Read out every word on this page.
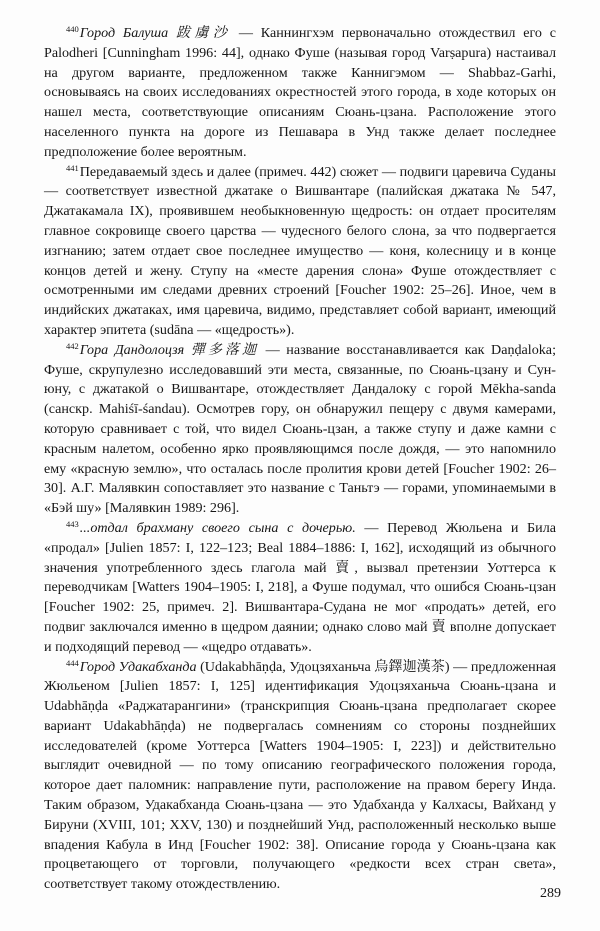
$^{440}$Город Балуша 跋虜沙 — Каннингхэм первоначально отождествил его с Palodheri [Cunningham 1996: 44], однако Фуше (называя город Varṣapura) настаивал на другом варианте, предложенном также Каннигэмом — Shabbaz-Garhi, основываясь на своих исследованиях окрестностей этого города, в ходе которых он нашел места, соответствующие описаниям Сюань-цзана. Расположение этого населенного пункта на дороге из Пешавара в Унд также делает последнее предположение более вероятным.

$^{441}$Передаваемый здесь и далее (примеч. 442) сюжет — подвиги царевича Суданы — соответствует известной джатаке о Вишвантаре (палийская джатака № 547, Джатакамала IX), проявившем необыкновенную щедрость: он отдает просителям главное сокровище своего царства — чудесного белого слона, за что подвергается изгнанию; затем отдает свое последнее имущество — коня, колесницу и в конце концов детей и жену. Ступу на «месте дарения слона» Фуше отождествляет с осмотренными им следами древних строений [Foucher 1902: 25–26]. Иное, чем в индийских джатаках, имя царевича, видимо, представляет собой вариант, имеющий характер эпитета (sudāna — «щедрость»).

$^{442}$Гора Дандолоцзя 彈多落迦 — название восстанавливается как Daṇḍaloka; Фуше, скрупулезно исследовавший эти места, связанные, по Сюань-цзану и Сун-юну, с джатакой о Вишвантаре, отождествляет Дандалоку с горой Mēkha-sanda (санскр. Mahiśī-śandau). Осмотрев гору, он обнаружил пещеру с двумя камерами, которую сравнивает с той, что видел Сюань-цзан, а также ступу и даже камни с красным налетом, особенно ярко проявляющимся после дождя, — это напомнило ему «красную землю», что осталась после пролития крови детей [Foucher 1902: 26–30]. А.Г. Малявкин сопоставляет это название с Таньтэ — горами, упоминаемыми в «Бэй шу» [Малявкин 1989: 296].

$^{443}$...отдал брахману своего сына с дочерью. — Перевод Жюльена и Била «продал» [Julien 1857: I, 122–123; Beal 1884–1886: I, 162], исходящий из обычного значения употребленного здесь глагола май 賣, вызвал претензии Уоттерса к переводчикам [Watters 1904–1905: I, 218], а Фуше подумал, что ошибся Сюань-цзан [Foucher 1902: 25, примеч. 2]. Вишвантара-Судана не мог «продать» детей, его подвиг заключался именно в щедром даянии; однако слово май 賣 вполне допускает и подходящий перевод — «щедро отдавать».

$^{444}$Город Удакабханда (Udakabhāṇḍa, Удоцзяханьча 烏鐸迦漢茶) — предложенная Жюльеном [Julien 1857: I, 125] идентификация Удоцзяханьча Сюань-цзана и Udabhāṇḍa «Раджатарангини» (транскрипция Сюань-цзана предполагает скорее вариант Udakabhāṇḍa) не подвергалась сомнениям со стороны позднейших исследователей (кроме Уоттерса [Watters 1904–1905: I, 223]) и действительно выглядит очевидной — по тому описанию географического положения города, которое дает паломник: направление пути, расположение на правом берегу Инда. Таким образом, Удакабханда Сюань-цзана — это Удабханда у Калхасы, Вайханд у Бируни (XVIII, 101; XXV, 130) и позднейший Унд, расположенный несколько выше впадения Кабула в Инд [Foucher 1902: 38]. Описание города у Сюань-цзана как процветающего от торговли, получающего «редкости всех стран света», соответствует такому отождествлению.

289
